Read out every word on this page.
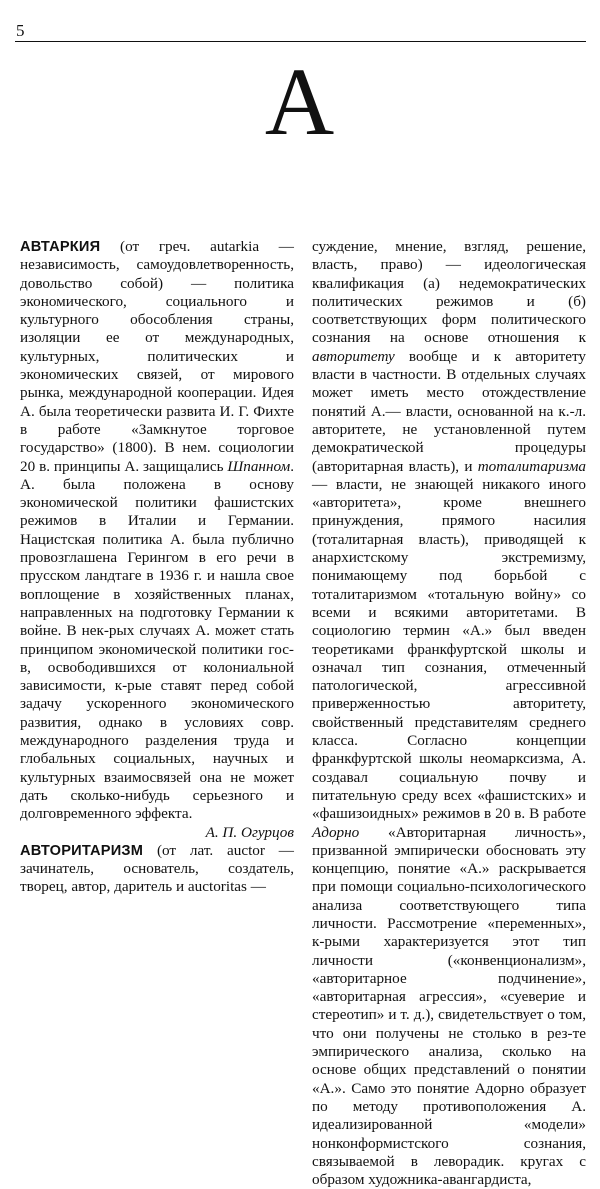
5
А

АВТАРКИЯ (от греч. autarkia — независимость, самоудовлетворенность, довольство собой) — политика экономического, социального и культурного обособления страны, изоляции ее от международных, культурных, политических и экономических связей, от мирового рынка, международной кооперации. Идея А. была теоретически развита И. Г. Фихте в работе «Замкнутое торговое государство» (1800). В нем. социологии 20 в. принципы А. защищались Шпанном. А. была положена в основу экономической политики фашистских режимов в Италии и Германии. Нацистская политика А. была публично провозглашена Герингом в его речи в прусском ландтаге в 1936 г. и нашла свое воплощение в хозяйственных планах, направленных на подготовку Германии к войне. В нек-рых случаях А. может стать принципом экономической политики гос-в, освободившихся от колониальной зависимости, к-рые ставят перед собой задачу ускоренного экономического развития, однако в условиях совр. международного разделения труда и глобальных социальных, научных и культурных взаимосвязей она не может дать сколько-нибудь серьезного и долговременного эффекта.

А. П. Огурцов

АВТОРИТАРИЗМ (от лат. auctor — зачинатель, основатель, создатель, творец, автор, даритель и auctoritas —

суждение, мнение, взгляд, решение, власть, право) — идеологическая квалификация (а) недемократических политических режимов и (б) соответствующих форм политического сознания на основе отношения к авторитету вообще и к авторитету власти в частности. В отдельных случаях может иметь место отождествление понятий А.— власти, основанной на к.-л. авторитете, не установленной путем демократической процедуры (авторитарная власть), и тоталитаризма — власти, не знающей никакого иного «авторитета», кроме внешнего принуждения, прямого насилия (тоталитарная власть), приводящей к анархистскому экстремизму, понимающему под борьбой с тоталитаризмом «тотальную войну» со всеми и всякими авторитетами. В социологию термин «А.» был введен теоретиками франкфуртской школы и означал тип сознания, отмеченный патологической, агрессивной приверженностью авторитету, свойственный представителям среднего класса. Согласно концепции франкфуртской школы неомарксизма, А. создавал социальную почву и питательную среду всех «фашистских» и «фашизоидных» режимов в 20 в. В работе Адорно «Авторитарная личность», призванной эмпирически обосновать эту концепцию, понятие «А.» раскрывается при помощи социально-психологического анализа соответствующего типа личности. Рассмотрение «переменных», к-рыми характеризуется этот тип личности («конвенционализм», «авторитарное подчинение», «авторитарная агрессия», «суеверие и стереотип» и т. д.), свидетельствует о том, что они получены не столько в рез-те эмпирического анализа, сколько на основе общих представлений о понятии «А.». Само это понятие Адорно образует по методу противоположения А. идеализированной «модели» нонконформистского сознания, связываемой в леворадик. кругах с образом художника-авангардиста,
